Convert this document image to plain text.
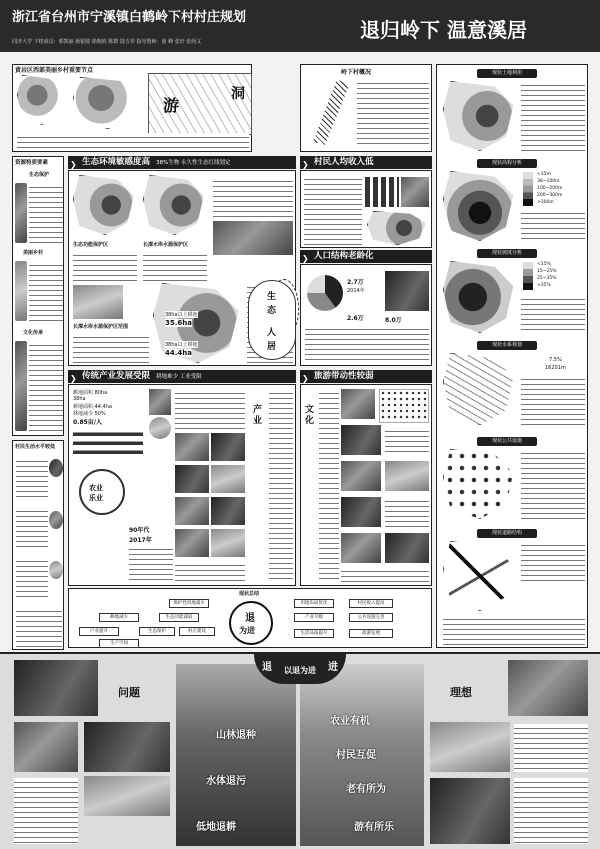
浙江省台州市宁溪镇白鹤岭下村村庄规划
同济大学 卞纽成员：邢凯丽 聂银骏 徐陶欣 陈群 陆吉菲 指导教师：童 峰 张轩 张尚文	退归岭下 温意溪居
黄岩区西部美丽乡村重要节点
游
洞
岭下村概况
资源特质要素
生态保护
美丽乡村
文化传承
村民生活水平较低
❯ 生态环境敏感度高 38%生物 永久性生态红线划定
生态功能保护区	长潭水库水源保护区
长潭水库水源保护区范围
38ha以上耕地
35.6ha
38ha以上耕地
44.4ha
❯ 村民人均收入低
❯ 人口结构老龄化
2.7万
2014年
2.6万	8.0万
生
态
人
居
❯ 传统产业发展受限 耕地难少 工业受限
耕地面积 80ha
38ha
耕地面积 44.4ha
林地减少 50%
0.85亩/人
农业
乐业
90年代
2017年
产业
❯ 旅游带动性较弱
文化
现状土地利用
现状高程分析
<35m
38~100m
100~200m
200~300m
>300m
现状坡度分析
<15%
15~25%
25~35%
>35%
现状水系规划
7.5%
16201m
现状公共设施
现状道路结构
现状总结
保护性用地减少
耕地减少	生态功能减弱
产业提升	生态保护	村庄建设
生产空间
退
为进
用地布局优化
产业升级
村民收入提高
公共设施完善
生活品质提升	旅游发展
问题
退	进
以退为进
山林退种
水体退污
低地退耕
农业有机
村民互促
老有所为
游有所乐
理想
